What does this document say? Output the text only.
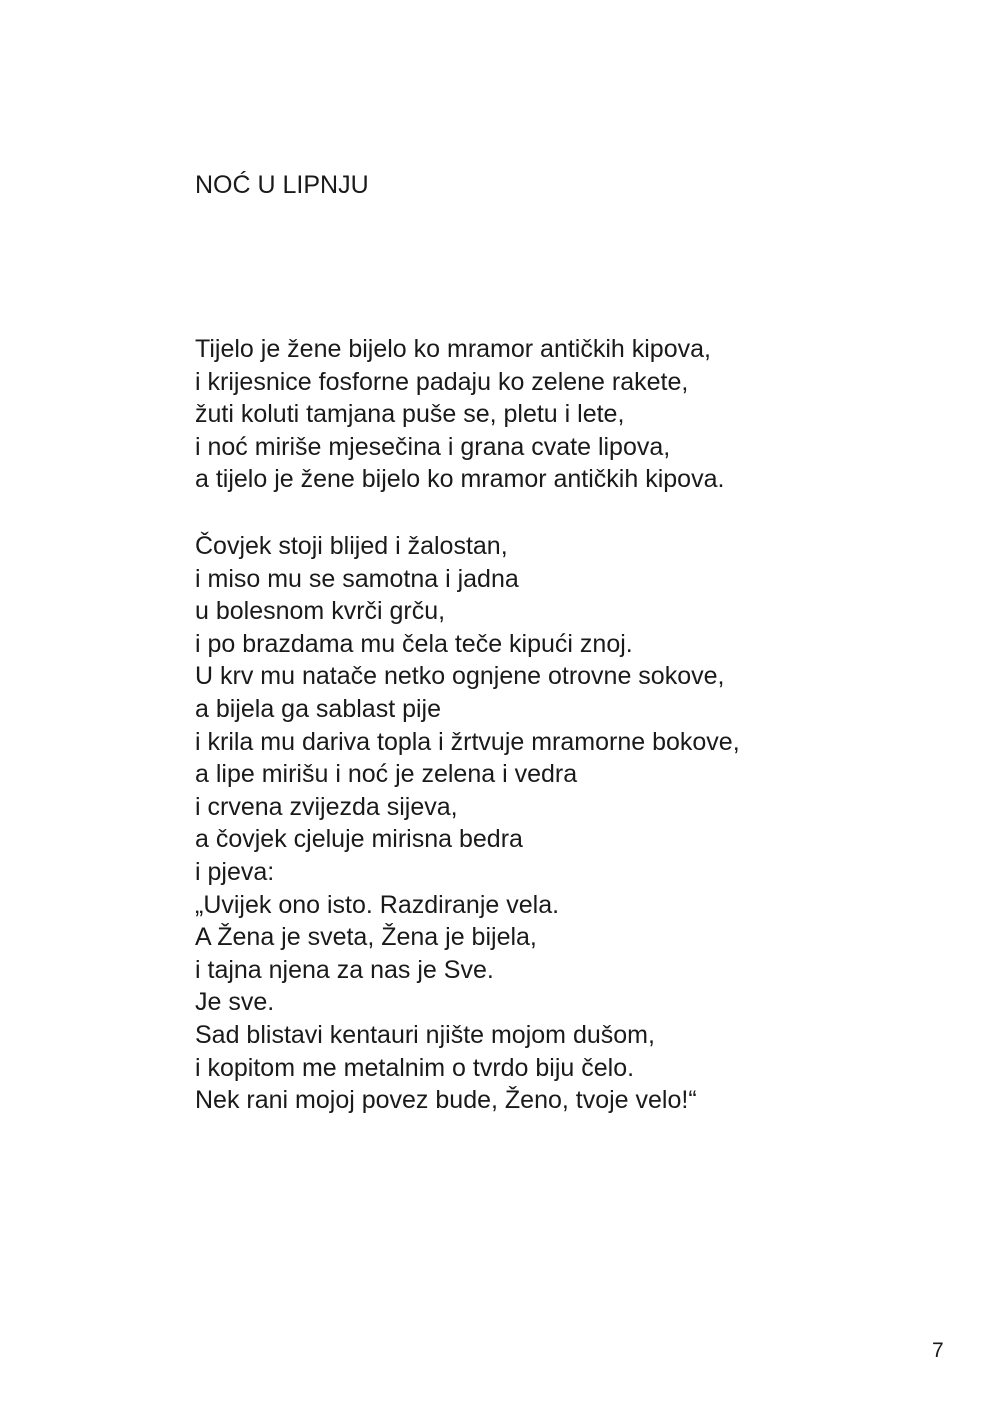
NOĆ U LIPNJU
Tijelo je žene bijelo ko mramor antičkih kipova,
i krijesnice fosforne padaju ko zelene rakete,
žuti koluti tamjana puše se, pletu i lete,
i noć miriše mjesečina i grana cvate lipova,
a tijelo je žene bijelo ko mramor antičkih kipova.
Čovjek stoji blijed i žalostan,
i miso mu se samotna i jadna
u bolesnom kvrči grču,
i po brazdama mu čela teče kipući znoj.
U krv mu natače netko ognjene otrovne sokove,
a bijela ga sablast pije
i krila mu dariva topla i žrtvuje mramorne bokove,
a lipe mirišu i noć je zelena i vedra
i crvena zvijezda sijeva,
a čovjek cjeluje mirisna bedra
i pjeva:
„Uvijek ono isto. Razdiranje vela.
A Žena je sveta, Žena je bijela,
i tajna njena za nas je Sve.
Je sve.
Sad blistavi kentauri njište mojom dušom,
i kopitom me metalnim o tvrdo biju čelo.
Nek rani mojoj povez bude, Ženo, tvoje velo!“
7
